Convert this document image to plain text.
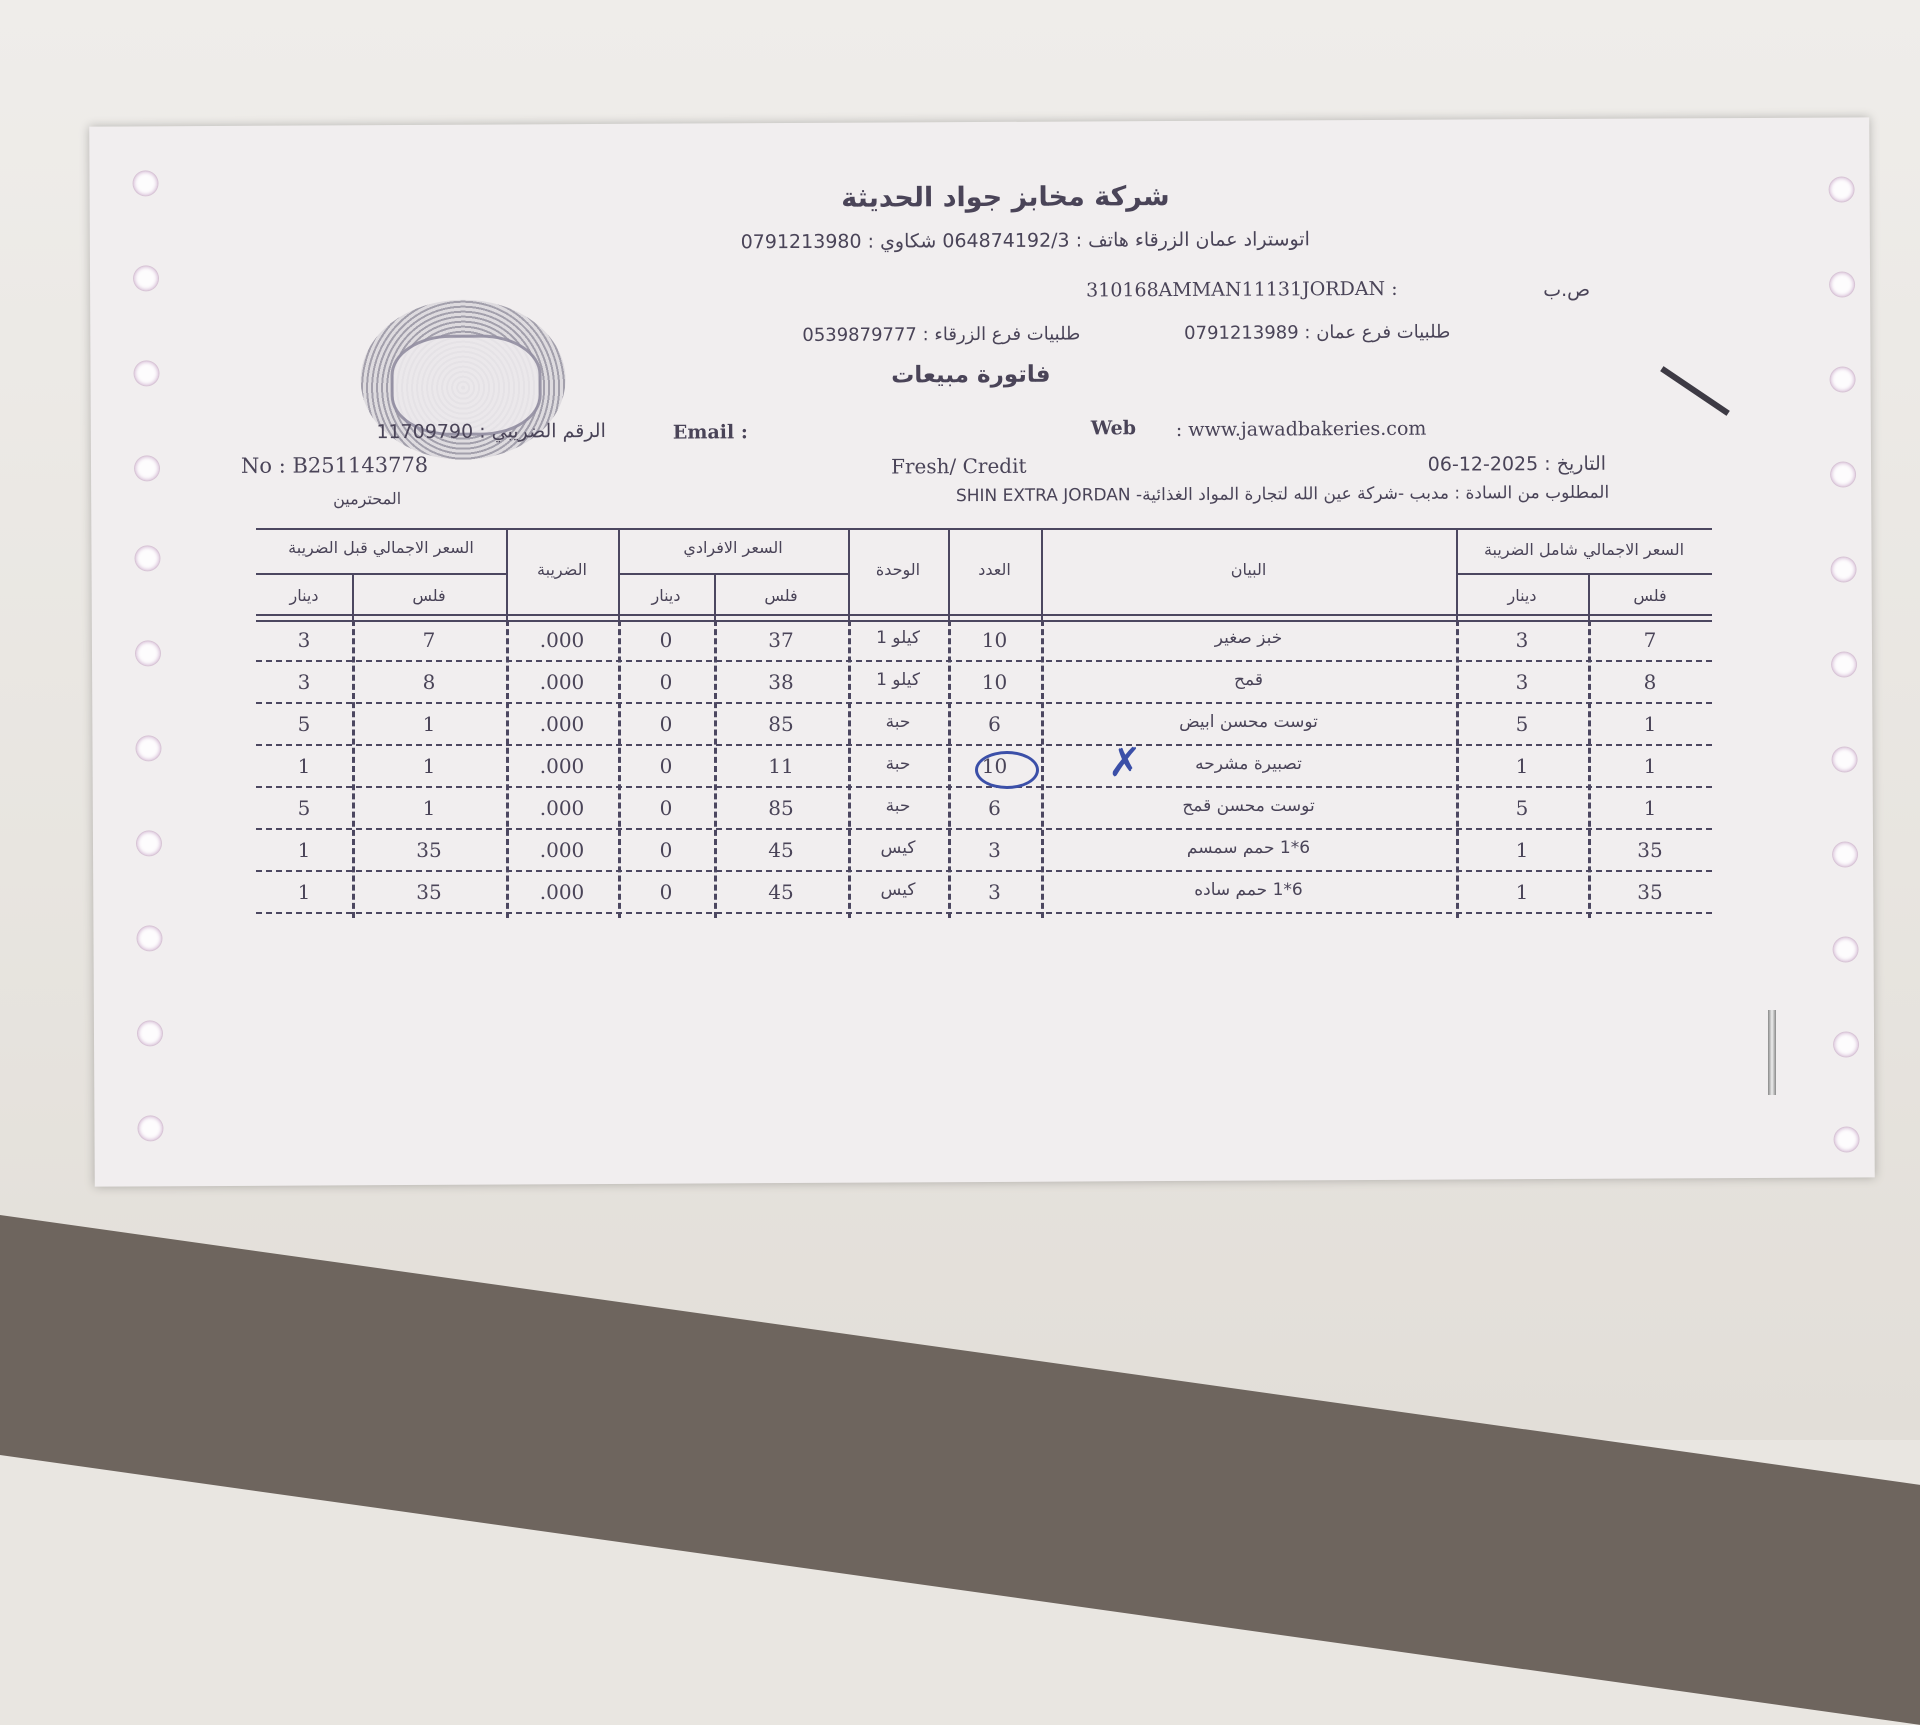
شركة مخابز جواد الحديثة
اتوستراد عمان الزرقاء هاتف : 064874192/3 شكاوي : 0791213980
ص.ب
310168AMMAN11131JORDAN :
طلبيات فرع الزرقاء : 0539879777	طلبيات فرع عمان : 0791213989
فاتورة مبيعات
الرقم الضريبي : 11709790	Email :	Web : www.jawadbakeries.com
No : B251143778	Fresh/ Credit	التاريخ : 2025-12-06
المحترمين	المطلوب من السادة : مدبب -شركة عين الله لتجارة المواد الغذائية- SHIN EXTRA JORDAN
السعر الاجمالي قبل الضريبة
دينار	فلس
الضريبة
السعر الافرادي
دينار	فلس
الوحدة	العدد	البيان
السعر الاجمالي شامل الضريبة
دينار	فلس
3	7	.000	0	37	كيلو 1	10	خبز صغير	3	7
3	8	.000	0	38	كيلو 1	10	قمح	3	8
5	1	.000	0	85	حبة	6	توست محسن ابيض	5	1
1	1	.000	0	11	حبة	10	تصبيرة مشرحه	1	1
5	1	.000	0	85	حبة	6	توست محسن قمح	5	1
1	35	.000	0	45	كيس	3	6*1 حمم سمسم	1	35
1	35	.000	0	45	كيس	3	6*1 حمم ساده	1	35
✗
